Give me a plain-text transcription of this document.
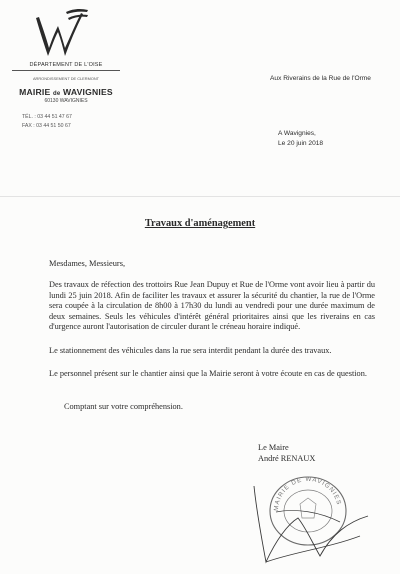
DÉPARTEMENT DE L'OISE
ARRONDISSEMENT DE CLERMONT
MAIRIE de WAVIGNIES
60130 WAVIGNIES
TÉL. : 03 44 51 47 67
FAX : 03 44 51 50 67
Aux Riverains de la Rue de l'Orme
A Wavignies,
Le 20 juin 2018
Travaux d'aménagement
Mesdames, Messieurs,
Des travaux de réfection des trottoirs Rue Jean Dupuy et Rue de l'Orme vont avoir lieu à partir du lundi 25 juin 2018. Afin de faciliter les travaux et assurer la sécurité du chantier, la rue de l'Orme sera coupée à la circulation de 8h00 à 17h30 du lundi au vendredi pour une durée maximum de deux semaines. Seuls les véhicules d'intérêt général prioritaires ainsi que les riverains en cas d'urgence auront l'autorisation de circuler durant le créneau horaire indiqué.
Le stationnement des véhicules dans la rue sera interdit pendant la durée des travaux.
Le personnel présent sur le chantier ainsi que la Mairie seront à votre écoute en cas de question.
Comptant sur votre compréhension.
Le Maire
André RENAUX
MAIRIE DE WAVIGNIES
